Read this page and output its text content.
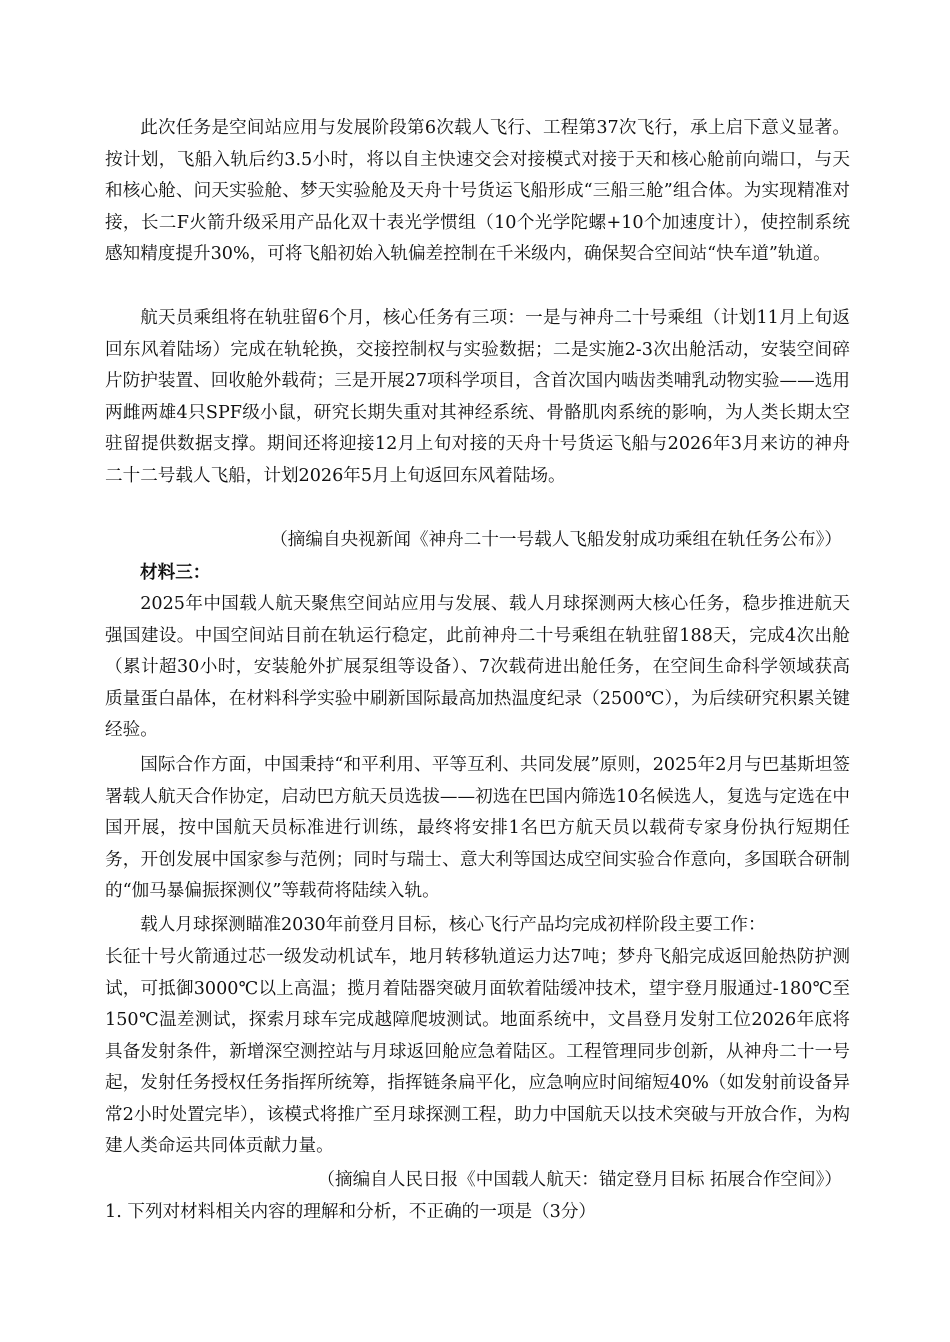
此次任务是空间站应用与发展阶段第6次载人飞行、工程第37次飞行，承上启下意义显著。按计划，飞船入轨后约3.5小时，将以自主快速交会对接模式对接于天和核心舱前向端口，与天和核心舱、问天实验舱、梦天实验舱及天舟十号货运飞船形成“三船三舱”组合体。为实现精准对接，长二F火箭升级采用产品化双十表光学惯组（10个光学陀螺+10个加速度计），使控制系统感知精度提升30%，可将飞船初始入轨偏差控制在千米级内，确保契合空间站“快车道”轨道。

航天员乘组将在轨驻留6个月，核心任务有三项：一是与神舟二十号乘组（计划11月上旬返回东风着陆场）完成在轨轮换，交接控制权与实验数据；二是实施2-3次出舱活动，安装空间碎片防护装置、回收舱外载荷；三是开展27项科学项目，含首次国内啮齿类哺乳动物实验——选用两雌两雄4只SPF级小鼠，研究长期失重对其神经系统、骨骼肌肉系统的影响，为人类长期太空驻留提供数据支撑。期间还将迎接12月上旬对接的天舟十号货运飞船与2026年3月来访的神舟二十二号载人飞船，计划2026年5月上旬返回东风着陆场。

（摘编自央视新闻《神舟二十一号载人飞船发射成功乘组在轨任务公布》）

材料三：

2025年中国载人航天聚焦空间站应用与发展、载人月球探测两大核心任务，稳步推进航天强国建设。中国空间站目前在轨运行稳定，此前神舟二十号乘组在轨驻留188天，完成4次出舱（累计超30小时，安装舱外扩展泵组等设备）、7次载荷进出舱任务，在空间生命科学领域获高质量蛋白晶体，在材料科学实验中刷新国际最高加热温度纪录（2500℃），为后续研究积累关键经验。

国际合作方面，中国秉持“和平利用、平等互利、共同发展”原则，2025年2月与巴基斯坦签署载人航天合作协定，启动巴方航天员选拔——初选在巴国内筛选10名候选人，复选与定选在中国开展，按中国航天员标准进行训练，最终将安排1名巴方航天员以载荷专家身份执行短期任务，开创发展中国家参与范例；同时与瑞士、意大利等国达成空间实验合作意向，多国联合研制的“伽马暴偏振探测仪”等载荷将陆续入轨。

载人月球探测瞄准2030年前登月目标，核心飞行产品均完成初样阶段主要工作：

长征十号火箭通过芯一级发动机试车，地月转移轨道运力达7吨；梦舟飞船完成返回舱热防护测试，可抵御3000℃以上高温；揽月着陆器突破月面软着陆缓冲技术，望宇登月服通过-180℃至150℃温差测试，探索月球车完成越障爬坡测试。地面系统中，文昌登月发射工位2026年底将具备发射条件，新增深空测控站与月球返回舱应急着陆区。工程管理同步创新，从神舟二十一号起，发射任务授权任务指挥所统筹，指挥链条扁平化，应急响应时间缩短40%（如发射前设备异常2小时处置完毕），该模式将推广至月球探测工程，助力中国航天以技术突破与开放合作，为构建人类命运共同体贡献力量。

（摘编自人民日报《中国载人航天：锚定登月目标 拓展合作空间》）

1. 下列对材料相关内容的理解和分析，不正确的一项是（3分）
